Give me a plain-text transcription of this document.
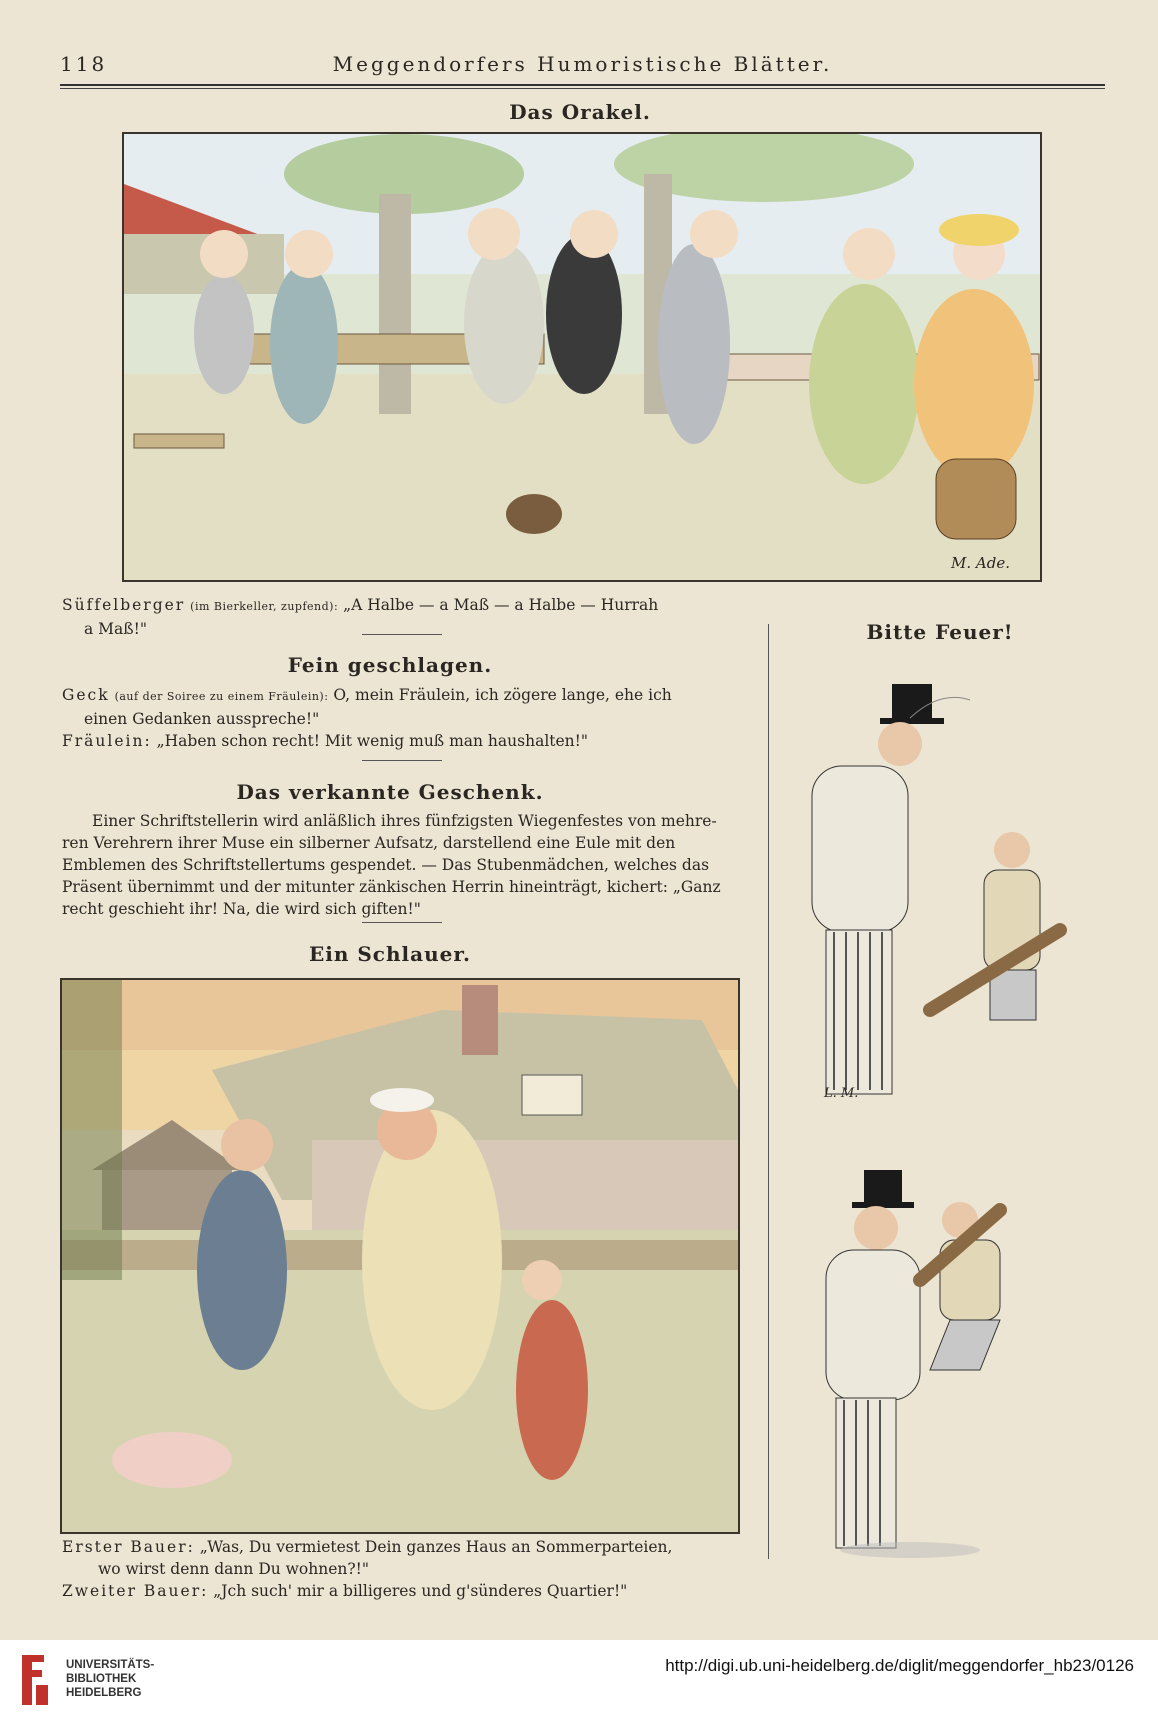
118	Meggendorfers Humoristische Blätter.
Das Orakel.
M. Ade.

Süffelberger (im Bierkeller, zupfend): „A Halbe — a Maß — a Halbe — Hurrah

a Maß!"

Fein geschlagen.

Geck (auf der Soiree zu einem Fräulein): O, mein Fräulein, ich zögere lange, ehe ich

einen Gedanken ausspreche!"

Fräulein: „Haben schon recht! Mit wenig muß man haushalten!"

Das verkannte Geschenk.

Einer Schriftstellerin wird anläßlich ihres fünfzigsten Wiegenfestes von mehre-

ren Verehrern ihrer Muse ein silberner Aufsatz, darstellend eine Eule mit den

Emblemen des Schriftstellertums gespendet. — Das Stubenmädchen, welches das

Präsent übernimmt und der mitunter zänkischen Herrin hineinträgt, kichert: „Ganz

recht geschieht ihr! Na, die wird sich giften!"

Ein Schlauer.

Erster Bauer: „Was, Du vermietest Dein ganzes Haus an Sommerparteien,

wo wirst denn dann Du wohnen?!"

Zweiter Bauer: „Jch such' mir a billigeres und g'sünderes Quartier!"

Bitte Feuer!
L. M.
UNIVERSITÄTS-
BIBLIOTHEK
HEIDELBERG
http://digi.ub.uni-heidelberg.de/diglit/meggendorfer_hb23/0126
